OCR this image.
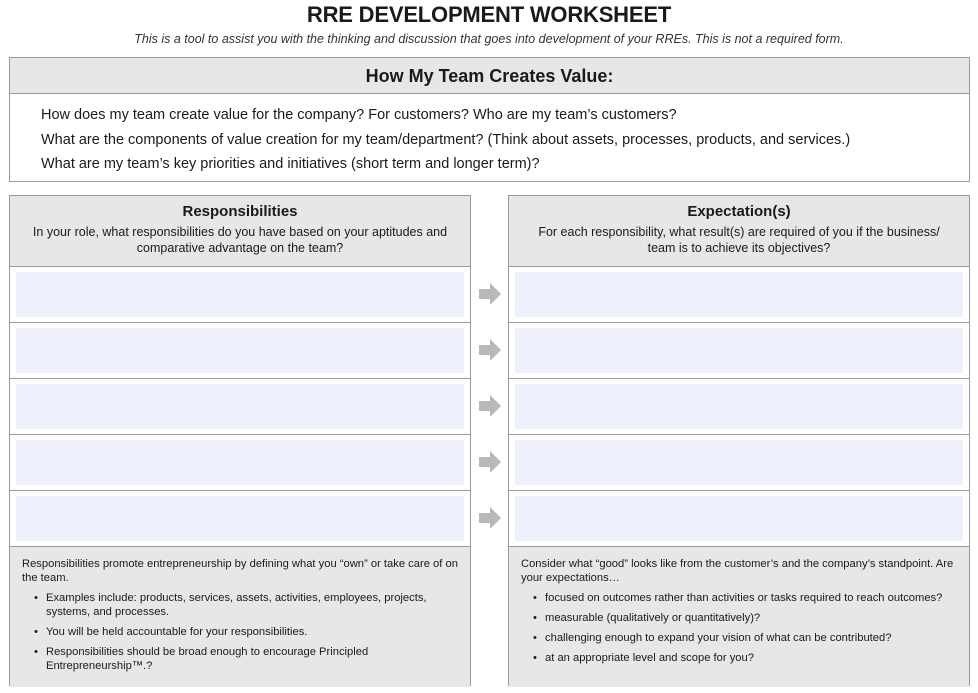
RRE DEVELOPMENT WORKSHEET
This is a tool to assist you with the thinking and discussion that goes into development of your RREs. This is not a required form.
How My Team Creates Value:
How does my team create value for the company? For customers? Who are my team’s customers?
What are the components of value creation for my team/department? (Think about assets, processes, products, and services.)
What are my team’s key priorities and initiatives (short term and longer term)?
Responsibilities
In your role, what responsibilities do you have based on your aptitudes and comparative advantage on the team?

Responsibilities promote entrepreneurship by defining what you “own” or take care of on the team.

• Examples include: products, services, assets, activities, employees, projects, systems, and processes.
• You will be held accountable for your responsibilities.
• Responsibilities should be broad enough to encourage Principled Entrepreneurship™.?
Expectation(s)
For each responsibility, what result(s) are required of you if the business/ team is to achieve its objectives?

Consider what “good” looks like from the customer’s and the company’s standpoint. Are your expectations…

• focused on outcomes rather than activities or tasks required to reach outcomes?
• measurable (qualitatively or quantitatively)?
• challenging enough to expand your vision of what can be contributed?
• at an appropriate level and scope for you?
